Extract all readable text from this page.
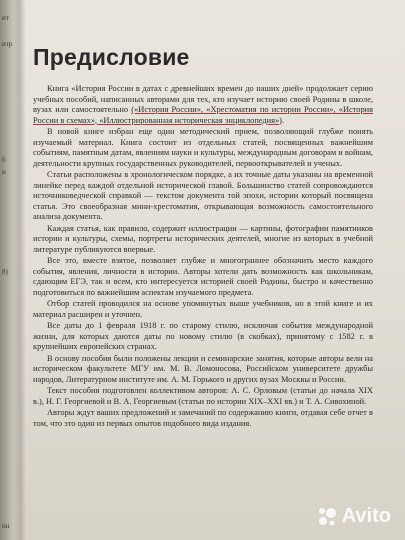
ит
итр
б
и
8)
ин
Предисловие

Книга «История России в датах с древнейших времен до наших дней» продолжает серию учебных пособий, написанных авторами для тех, кто изучает историю своей Родины в школе, вузах или самостоятельно («История России», «Хрестоматия по истории России», «История России в схемах», «Иллюстрированная историческая энциклопедия»).

В новой книге избран еще один методический прием, позволяющий глубже понять изучаемый материал. Книга состоит из отдельных статей, посвященных важнейшим событиям, памятным датам, явлениям науки и культуры, международным договорам и войнам, деятельности крупных государственных руководителей, первооткрывателей и ученых.

Статьи расположены в хронологическом порядке, а их точные даты указаны на временной линейке перед каждой отдельной исторической главой. Большинство статей сопровождаются источниковедческой справкой — текстом документа той эпохи, истории который посвящена статья. Это своеобразная мини-хрестоматия, открывающая возможность самостоятельного анализа документа.

Каждая статья, как правило, содержит иллюстрации — картины, фотографии памятников истории и культуры, схемы, портреты исторических деятелей, многие из которых в учебной литературе публикуются впервые.

Все это, вместе взятое, позволяет глубже и многограннее обозначить место каждого события, явления, личности в истории. Авторы хотели дать возможность как школьникам, сдающим ЕГЭ, так и всем, кто интересуется историей своей Родины, быстро и качественно подготовиться по важнейшим аспектам изучаемого предмета.

Отбор статей проводился на основе упомянутых выше учебников, но в этой книге и их материал расширен и уточнен.

Все даты до 1 февраля 1918 г. по старому стилю, исключая события международной жизни, для которых даются даты по новому стилю (в скобках), принятому с 1582 г. в крупнейших европейских странах.

В основу пособия были положены лекции и семинарские занятия, которые авторы вели на историческом факультете МГУ им. М. В. Ломоносова, Российском университете дружбы народов, Литературном институте им. А. М. Горького и других вузах Москвы и России.

Текст пособия подготовлен коллективом авторов: А. С. Орловым (статьи до начала XIX в.), Н. Г. Георгиевой и В. А. Георгиевым (статьи по истории XIX–XXI вв.) и Т. А. Сивохиной.

Авторы ждут ваших предложений и замечаний по содержанию книги, отдавая себе отчет в том, что это один из первых опытов подобного вида издания.

Avito
